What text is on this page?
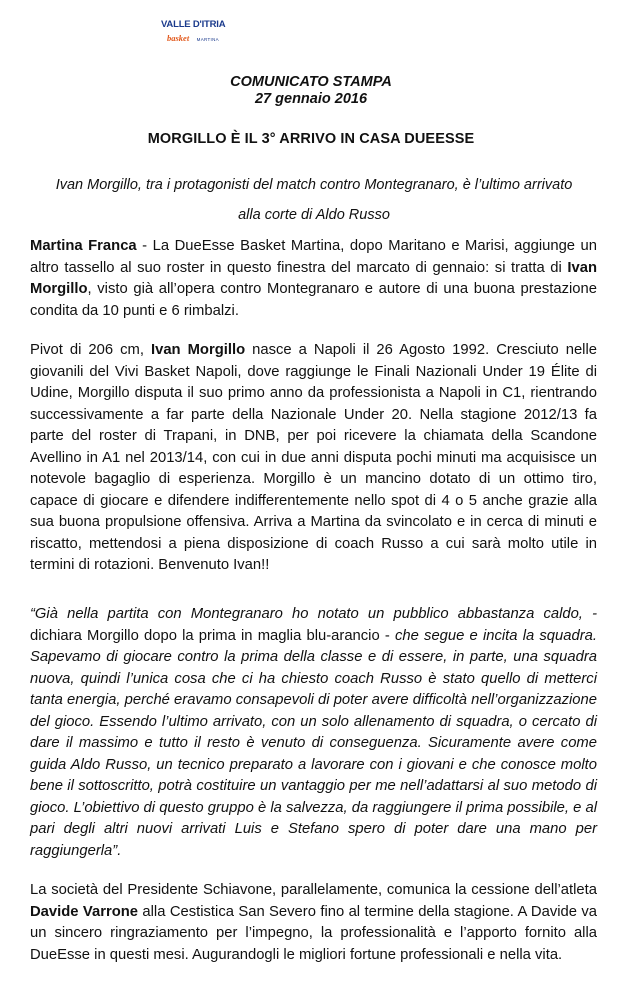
VALLE D'ITRIA
basket MARTINA
COMUNICATO STAMPA
27 gennaio 2016
MORGILLO È IL 3° ARRIVO IN CASA DUEESSE
Ivan Morgillo, tra i protagonisti del match contro Montegranaro, è l’ultimo arrivato
alla corte di Aldo Russo

Martina Franca - La DueEsse Basket Martina, dopo Maritano e Marisi, aggiunge un altro tassello al suo roster in questo finestra del marcato di gennaio: si tratta di Ivan Morgillo, visto già all’opera contro Montegranaro e autore di una buona prestazione condita da 10 punti e 6 rimbalzi.

Pivot di 206 cm, Ivan Morgillo nasce a Napoli il 26 Agosto 1992. Cresciuto nelle giovanili del Vivi Basket Napoli, dove raggiunge le Finali Nazionali Under 19 Élite di Udine, Morgillo disputa il suo primo anno da professionista a Napoli in C1, rientrando successivamente a far parte della Nazionale Under 20. Nella stagione 2012/13 fa parte del roster di Trapani, in DNB, per poi ricevere la chiamata della Scandone Avellino in A1 nel 2013/14, con cui in due anni disputa pochi minuti ma acquisisce un notevole bagaglio di esperienza. Morgillo è un mancino dotato di un ottimo tiro, capace di giocare e difendere indifferentemente nello spot di 4 o 5 anche grazie alla sua buona propulsione offensiva. Arriva a Martina da svincolato e in cerca di minuti e riscatto, mettendosi a piena disposizione di coach Russo a cui sarà molto utile in termini di rotazioni. Benvenuto Ivan!!

“Già nella partita con Montegranaro ho notato un pubblico abbastanza caldo, - dichiara Morgillo dopo la prima in maglia blu-arancio - che segue e incita la squadra. Sapevamo di giocare contro la prima della classe e di essere, in parte, una squadra nuova, quindi l’unica cosa che ci ha chiesto coach Russo è stato quello di metterci tanta energia, perché eravamo consapevoli di poter avere difficoltà nell’organizzazione del gioco. Essendo l’ultimo arrivato, con un solo allenamento di squadra, o cercato di dare il massimo e tutto il resto è venuto di conseguenza. Sicuramente avere come guida Aldo Russo, un tecnico preparato a lavorare con i giovani e che conosce molto bene il sottoscritto, potrà costituire un vantaggio per me nell’adattarsi al suo metodo di gioco. L’obiettivo di questo gruppo è la salvezza, da raggiungere il prima possibile, e al pari degli altri nuovi arrivati Luis e Stefano spero di poter dare una mano per raggiungerla”.

La società del Presidente Schiavone, parallelamente, comunica la cessione dell’atleta Davide Varrone alla Cestistica San Severo fino al termine della stagione. A Davide va un sincero ringraziamento per l’impegno, la professionalità e l’apporto fornito alla DueEsse in questi mesi. Augurandogli le migliori fortune professionali e nella vita.
